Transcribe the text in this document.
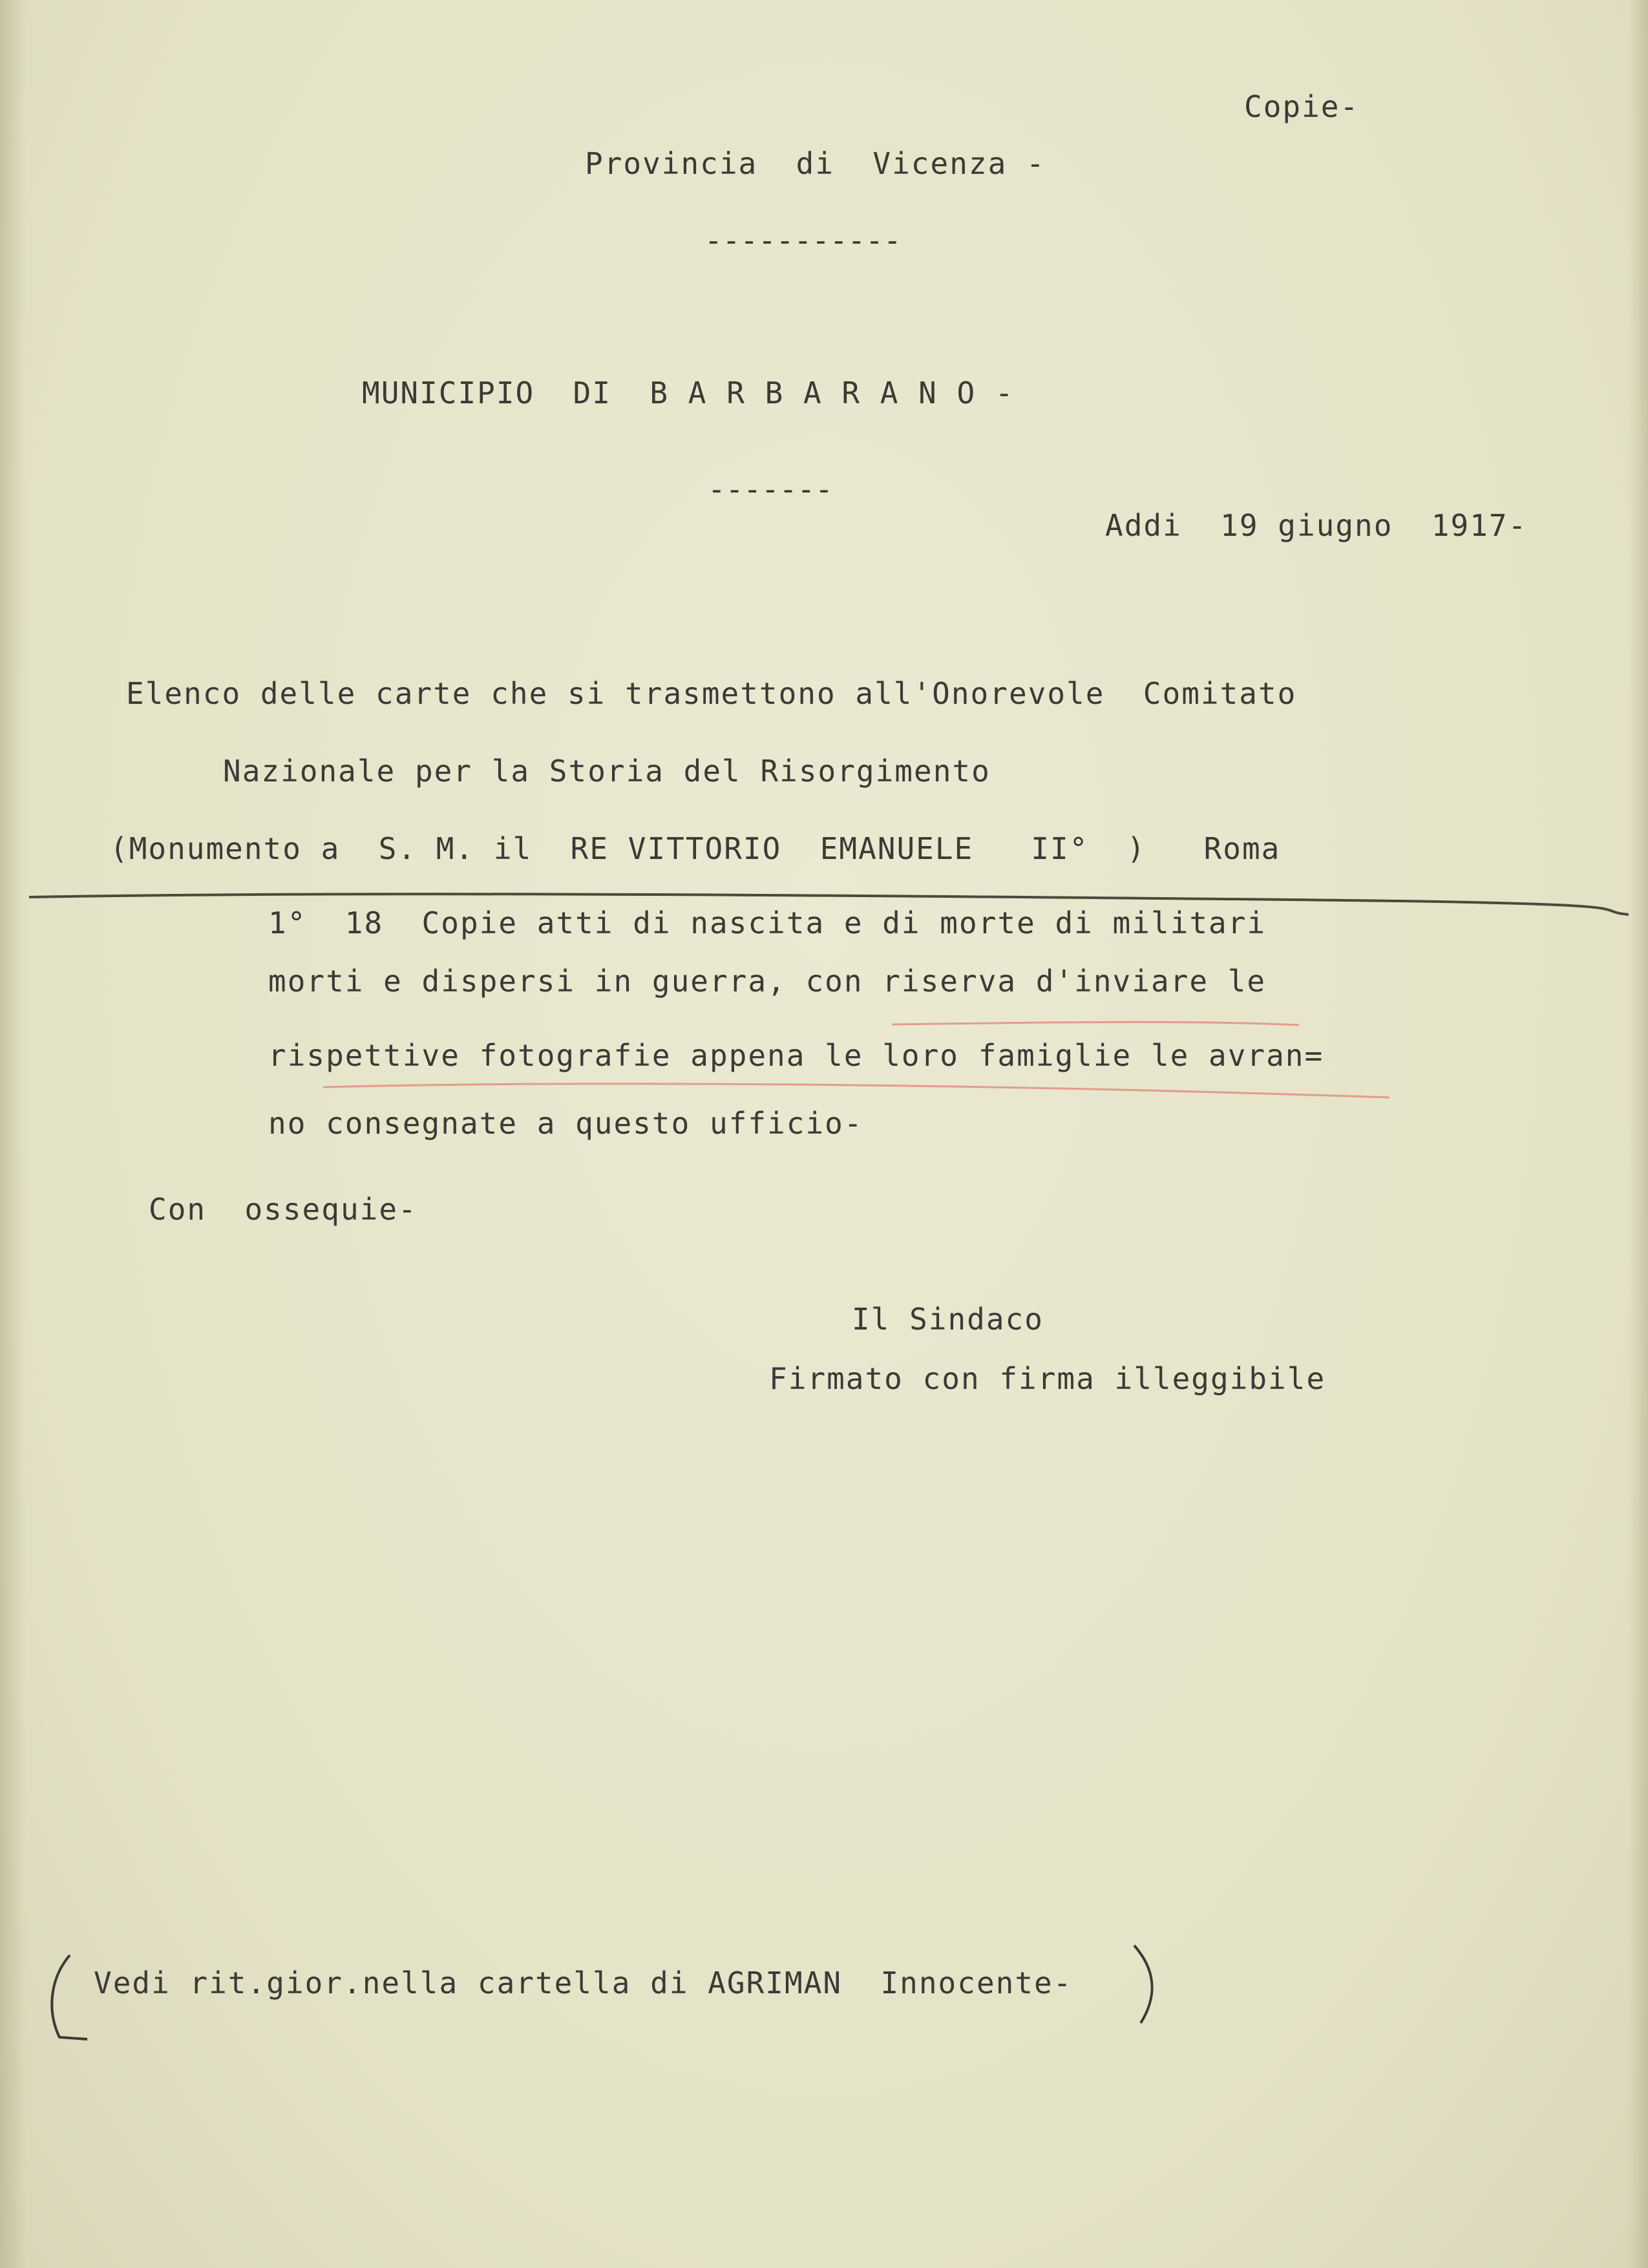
Copie-
Provincia  di  Vicenza -
-----------
MUNICIPIO  DI  B A R B A R A N O -
-------
Addi  19 giugno  1917-
Elenco delle carte che si trasmettono all'Onorevole  Comitato
Nazionale per la Storia del Risorgimento
(Monumento a  S. M. il  RE VITTORIO  EMANUELE   II°  )   Roma
1°  18  Copie atti di nascita e di morte di militari
morti e dispersi in guerra, con riserva d'inviare le
rispettive fotografie appena le loro famiglie le avran=
no consegnate a questo ufficio-
Con  ossequie-
Il Sindaco
Firmato con firma illeggibile
Vedi rit.gior.nella cartella di AGRIMAN  Innocente-
